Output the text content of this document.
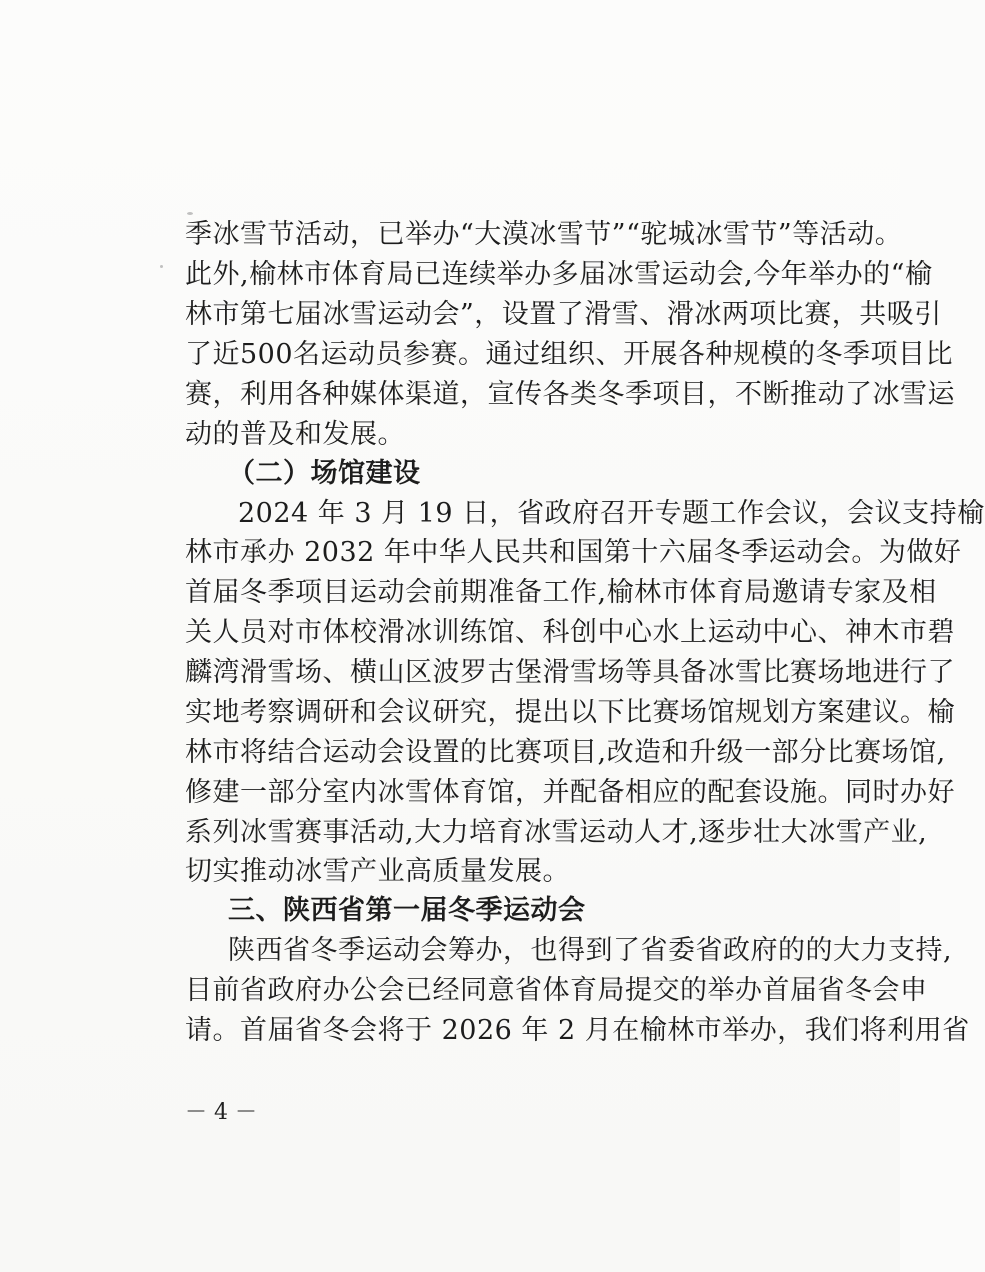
季冰雪节活动，已举办“大漠冰雪节”“驼城冰雪节”等活动。
此外,榆林市体育局已连续举办多届冰雪运动会,今年举办的“榆
林市第七届冰雪运动会”，设置了滑雪、滑冰两项比赛，共吸引
了近500名运动员参赛。通过组织、开展各种规模的冬季项目比
赛，利用各种媒体渠道，宣传各类冬季项目，不断推动了冰雪运
动的普及和发展。
（二）场馆建设
2024 年 3 月 19 日，省政府召开专题工作会议，会议支持榆
林市承办 2032 年中华人民共和国第十六届冬季运动会。为做好
首届冬季项目运动会前期准备工作,榆林市体育局邀请专家及相
关人员对市体校滑冰训练馆、科创中心水上运动中心、神木市碧
麟湾滑雪场、横山区波罗古堡滑雪场等具备冰雪比赛场地进行了
实地考察调研和会议研究，提出以下比赛场馆规划方案建议。榆
林市将结合运动会设置的比赛项目,改造和升级一部分比赛场馆,
修建一部分室内冰雪体育馆，并配备相应的配套设施。同时办好
系列冰雪赛事活动,大力培育冰雪运动人才,逐步壮大冰雪产业,
切实推动冰雪产业高质量发展。
三、陕西省第一届冬季运动会
陕西省冬季运动会筹办，也得到了省委省政府的的大力支持,
目前省政府办公会已经同意省体育局提交的举办首届省冬会申
请。首届省冬会将于 2026 年 2 月在榆林市举办，我们将利用省
－ 4 －
